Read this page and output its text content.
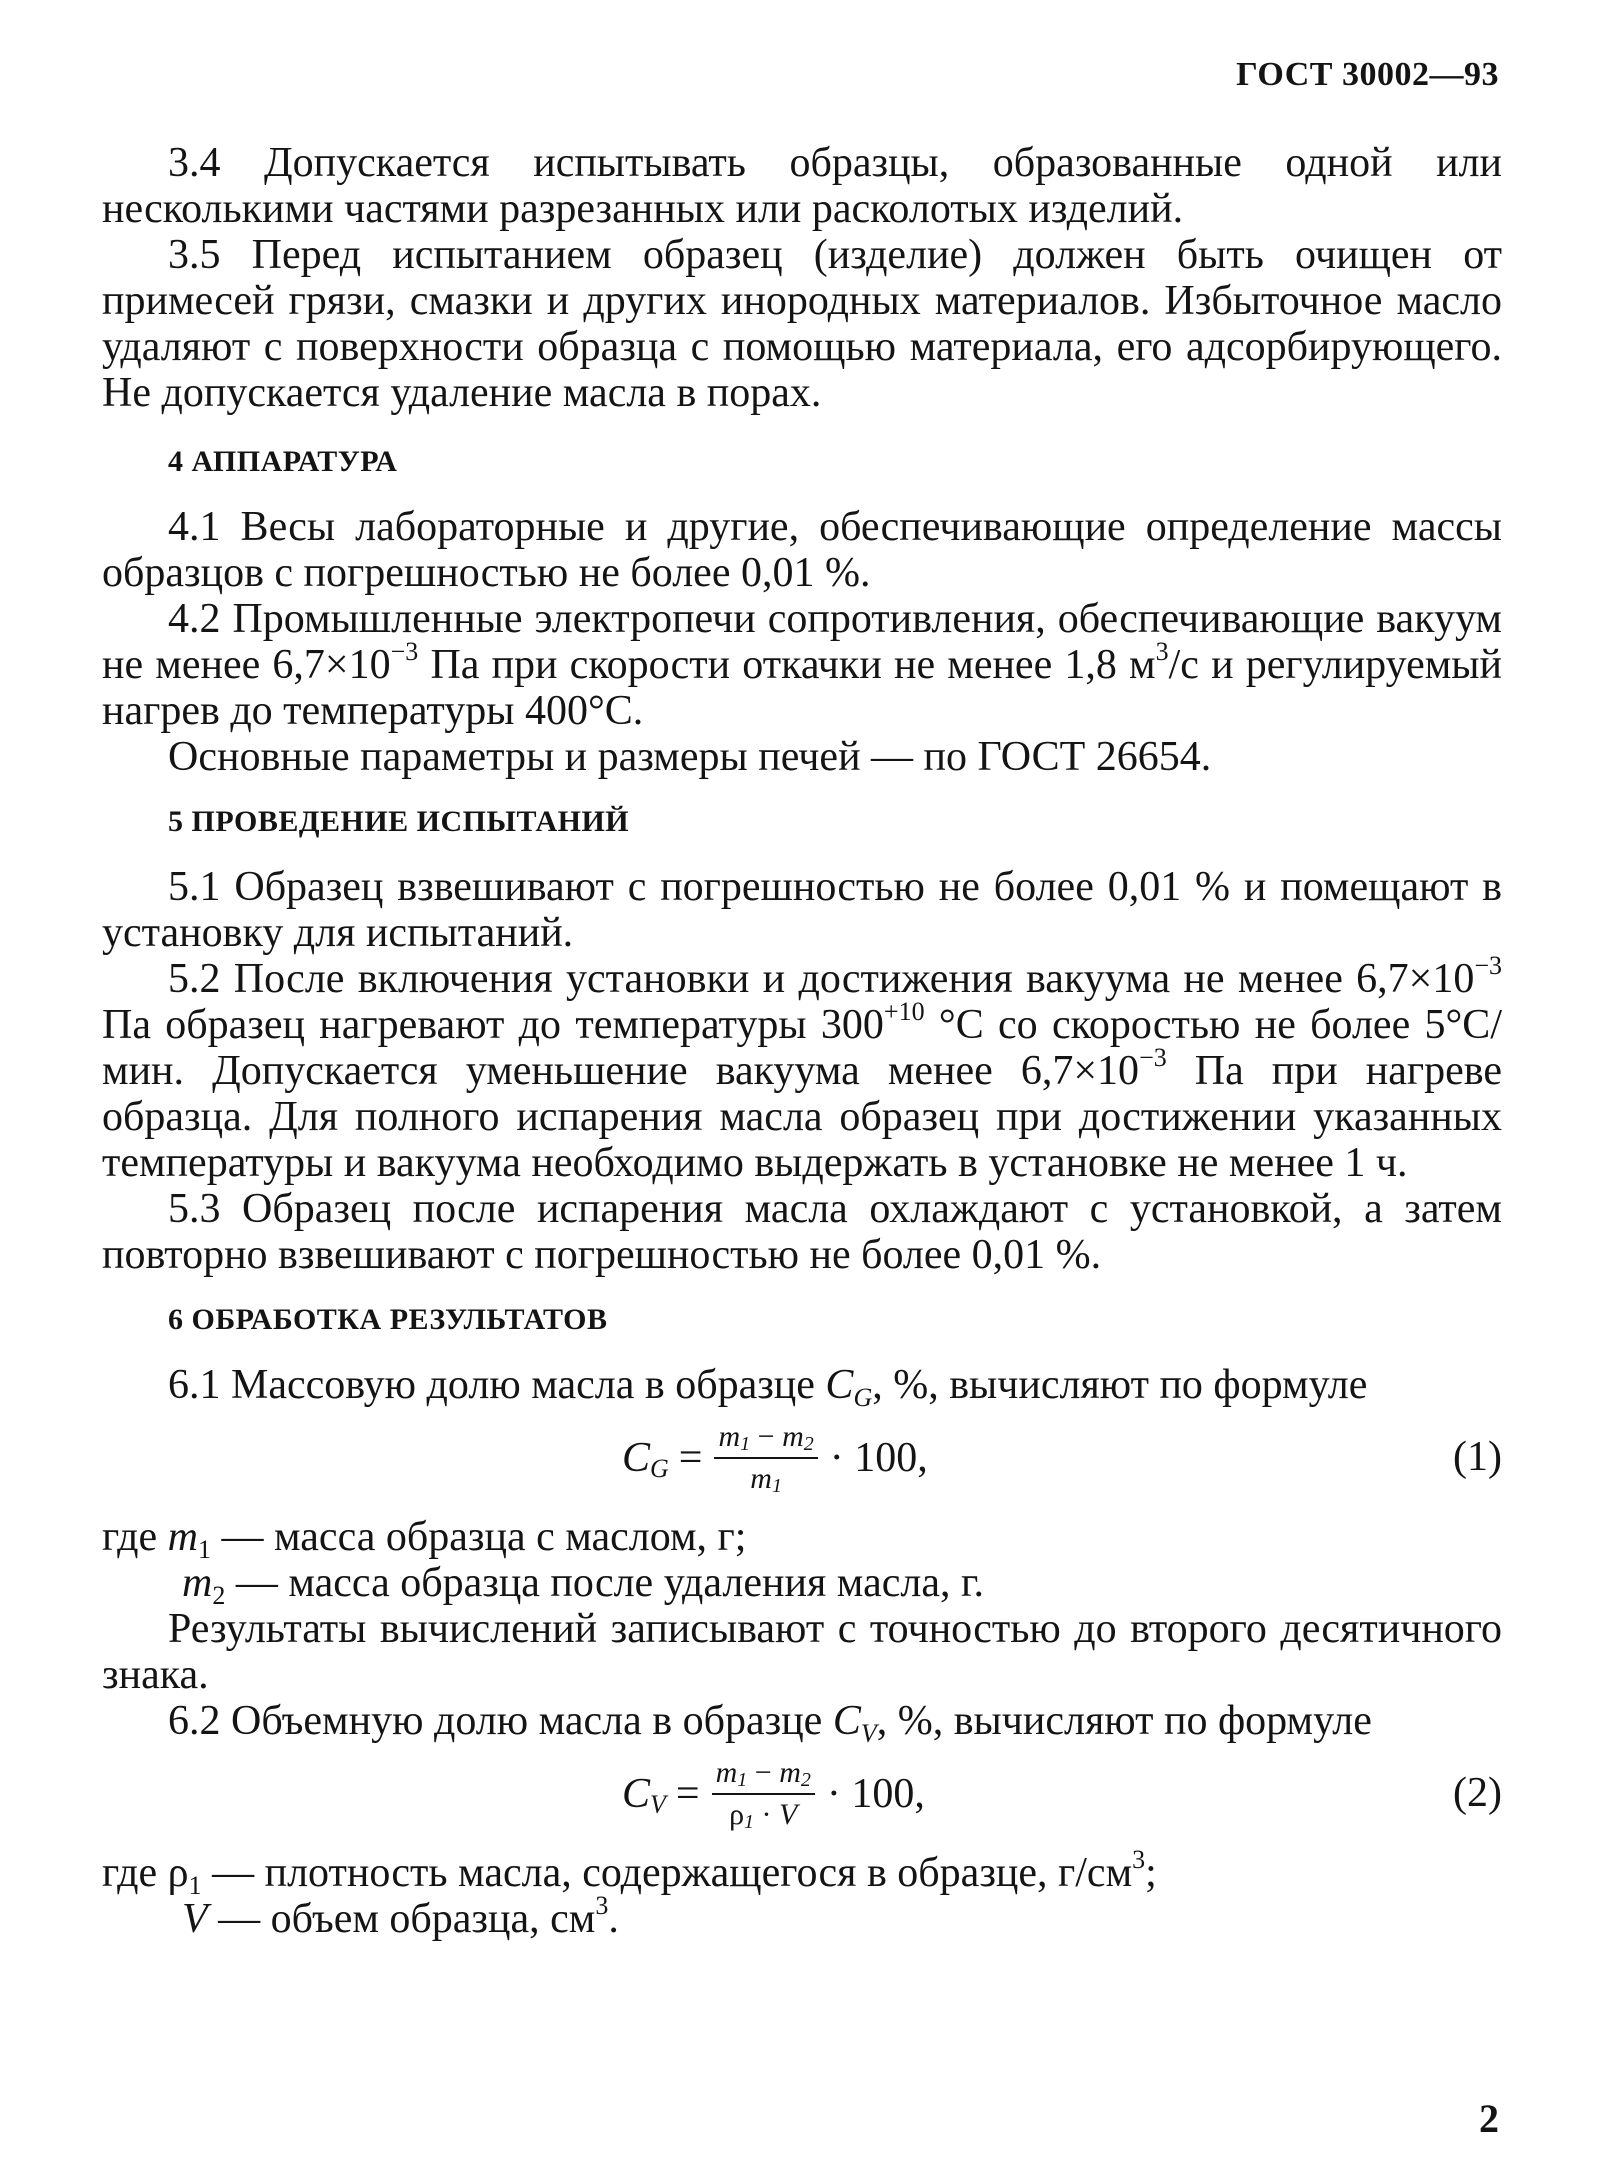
ГОСТ 30002—93

3.4 Допускается испытывать образцы, образованные одной или несколькими частями разрезанных или расколотых изделий.

3.5 Перед испытанием образец (изделие) должен быть очищен от примесей грязи, смазки и других инородных материалов. Избыточное масло удаляют с поверхности образца с помощью материала, его адсорбирующего. Не допускается удаление масла в порах.

4 АППАРАТУРА

4.1 Весы лабораторные и другие, обеспечивающие определение массы образцов с погрешностью не более 0,01 %.

4.2 Промышленные электропечи сопротивления, обеспечивающие вакуум не менее $6,7\times 10^{-3}$ Па при скорости откачки не менее 1,8 $м^3/с$ и регулируемый нагрев до температуры 400°С.

Основные параметры и размеры печей — по ГОСТ 26654.

5 ПРОВЕДЕНИЕ ИСПЫТАНИЙ

5.1 Образец взвешивают с погрешностью не более 0,01 % и помещают в установку для испытаний.

5.2 После включения установки и достижения вакуума не менее $6,7\times 10^{-3}$ Па образец нагревают до температуры $300^{+10}$ °С со скоростью не более 5°С/мин. Допускается уменьшение вакуума менее $6,7\times 10^{-3}$ Па при нагреве образца. Для полного испарения масла образец при достижении указанных температуры и вакуума необходимо выдержать в установке не менее 1 ч.

5.3 Образец после испарения масла охлаждают с установкой, а затем повторно взвешивают с погрешностью не более 0,01 %.

6 ОБРАБОТКА РЕЗУЛЬТАТОВ

6.1 Массовую долю масла в образце $C_G$, %, вычисляют по формуле

$C_G = \frac{m_1 - m_2}{m_1} \cdot 100$,	(1)

где $m_1$ — масса образца с маслом, г;

$m_2$ — масса образца после удаления масла, г.

Результаты вычислений записывают с точностью до второго десятичного знака.

6.2 Объемную долю масла в образце $C_V$, %, вычисляют по формуле

$C_V = \frac{m_1 - m_2}{\rho_1 \cdot V} \cdot 100$,	(2)

где $\rho_1$ — плотность масла, содержащегося в образце, $г/см^3$;

V — объем образца, $см^3$.

2
